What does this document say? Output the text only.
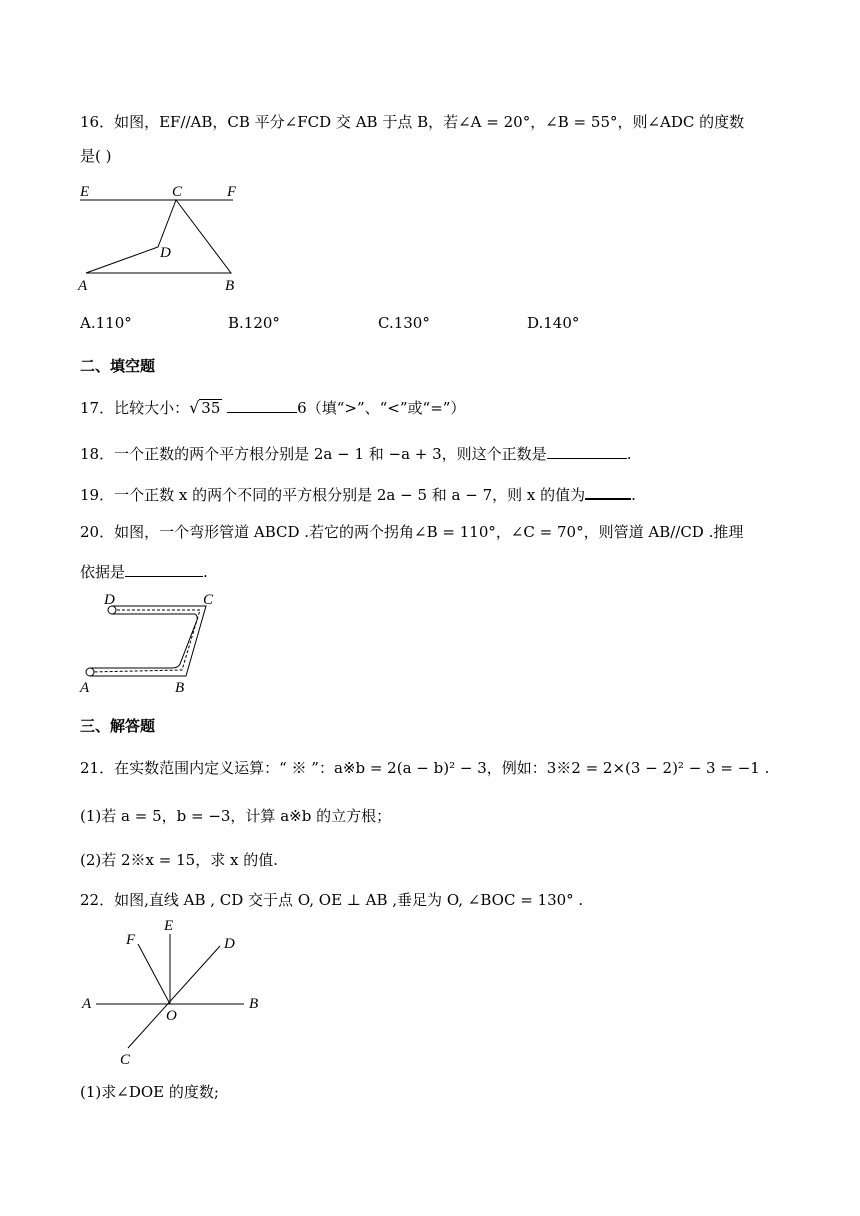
16．如图，EF//AB，CB 平分∠FCD 交 AB 于点 B，若∠A = 20°，∠B = 55°，则∠ADC 的度数
是( )
E	C	F
D
A	B
A.110°	B.120°	C.130°	D.140°
二、填空题
17．比较大小：√ 35	6（填“>”、“<”或“=”）
18．一个正数的两个平方根分别是 2a − 1 和 −a + 3，则这个正数是	.
19．一个正数 x 的两个不同的平方根分别是 2a − 5 和 a − 7，则 x 的值为	.
20．如图，一个弯形管道 ABCD .若它的两个拐角∠B = 110°，∠C = 70°，则管道 AB//CD .推理
依据是	.
D	C
A	B
三、解答题
21．在实数范围内定义运算：“ ※ ”：a※b = 2(a − b)² − 3，例如：3※2 = 2×(3 − 2)² − 3 = −1 .
(1)若 a = 5，b = −3，计算 a※b 的立方根；
(2)若 2※x = 15，求 x 的值.
22．如图,直线 AB , CD 交于点 O, OE ⊥ AB ,垂足为 O, ∠BOC = 130° .
F
E
D
A	B
O
C
(1)求∠DOE 的度数;
